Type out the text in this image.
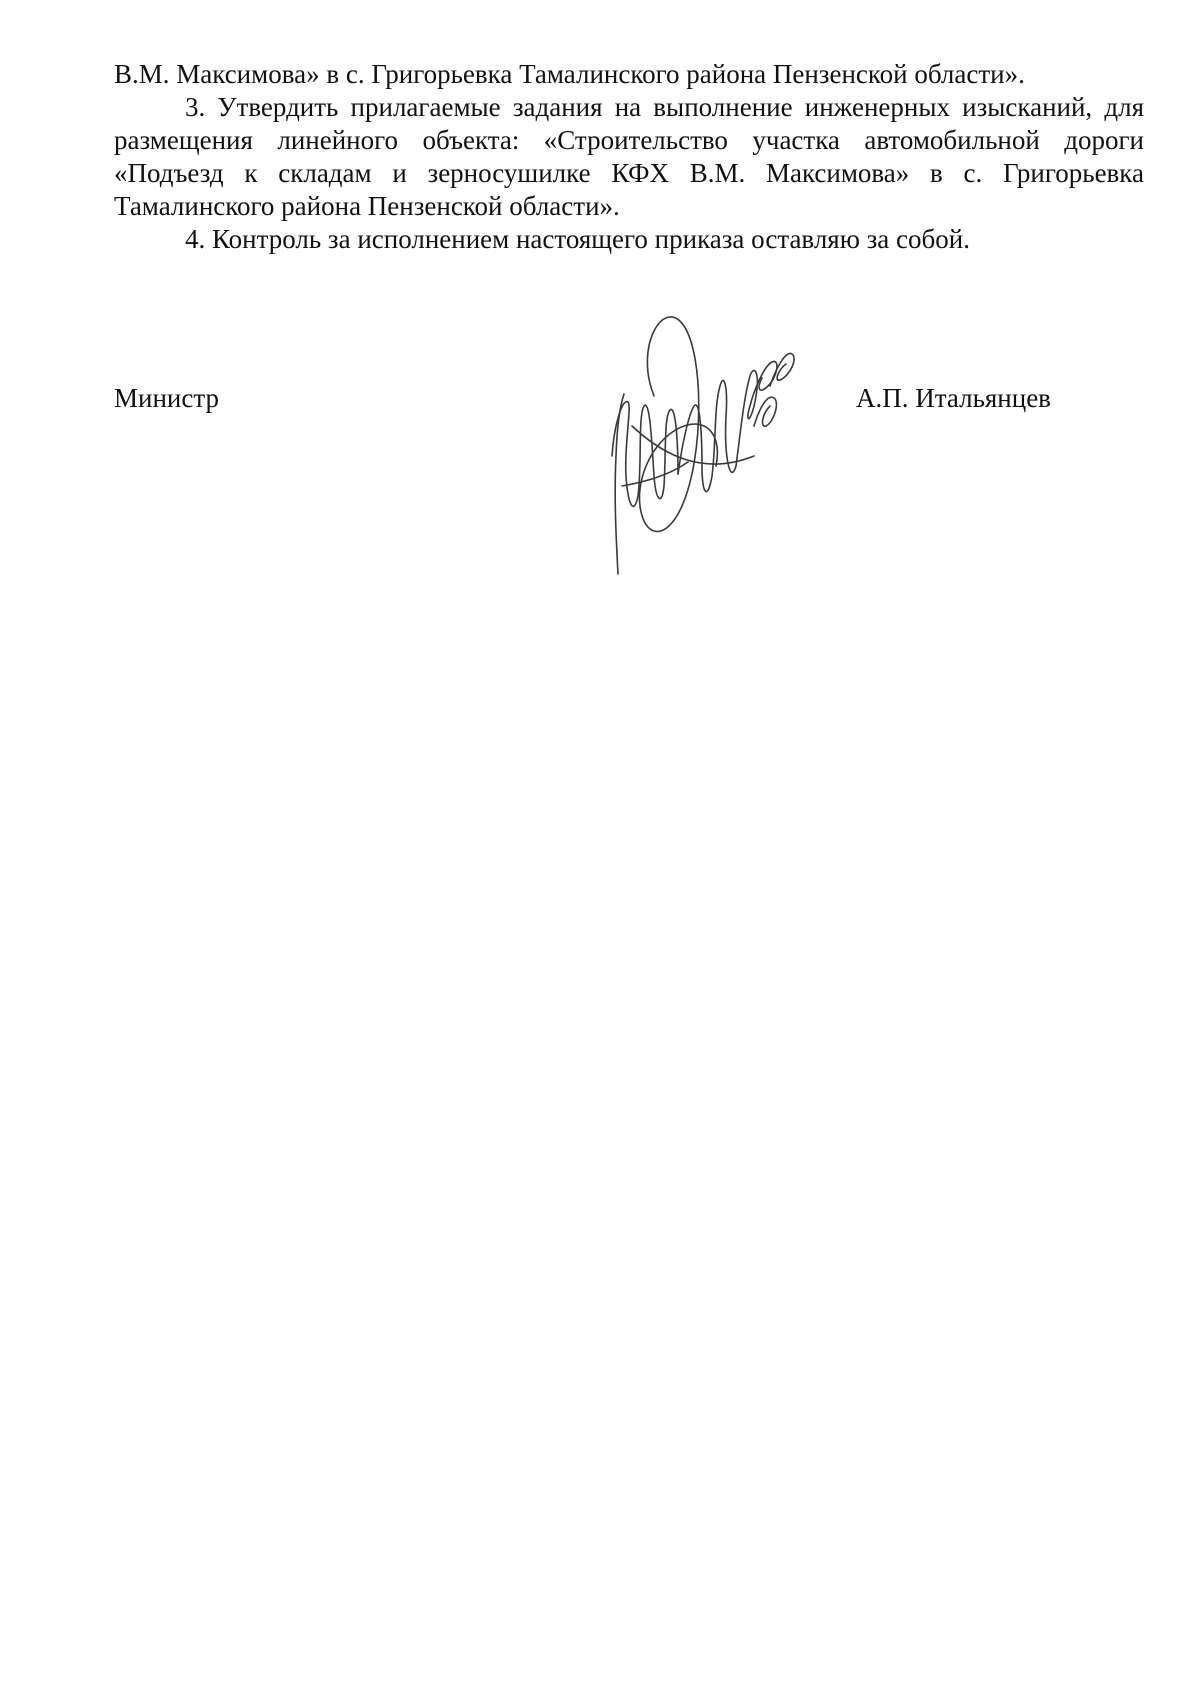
В.М. Максимова» в с. Григорьевка Тамалинского района Пензенской области».

3. Утвердить прилагаемые задания на выполнение инженерных изысканий, для размещения линейного объекта: «Строительство участка автомобильной дороги «Подъезд к складам и зерносушилке КФХ В.М. Максимова» в с. Григорьевка Тамалинского района Пензенской области».

4. Контроль за исполнением настоящего приказа оставляю за собой.

Министр	А.П. Итальянцев
